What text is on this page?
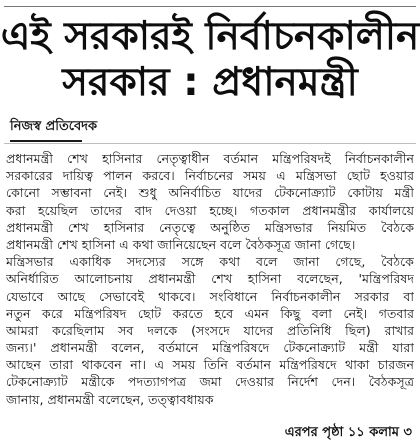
এই সরকারই নির্বাচনকালীন
সরকার : প্রধানমন্ত্রী
নিজস্ব প্রতিবেদক
প্রধানমন্ত্রী শেখ হাসিনার নেতৃত্বাধীন বর্তমান মন্ত্রিপরিষদই নির্বাচনকালীন
সরকারের দায়িত্ব পালন করবে। নির্বাচনের সময় এ মন্ত্রিসভা ছোট হওয়ার
কোনো সম্ভাবনা নেই। শুধু অনির্বাচিত যাদের টেকনোক্র্যাট কোটায় মন্ত্রী
করা হয়েছিল তাদের বাদ দেওয়া হচ্ছে। গতকাল প্রধানমন্ত্রীর কার্যালয়ে
প্রধানমন্ত্রী শেখ হাসিনার নেতৃত্বে অনুষ্ঠিত মন্ত্রিসভার নিয়মিত বৈঠকে
প্রধানমন্ত্রী শেখ হাসিনা এ কথা জানিয়েছেন বলে বৈঠকসূত্র জানা গেছে।
মন্ত্রিসভার একাধিক সদস্যের সঙ্গে কথা বলে জানা গেছে, বৈঠকে
অনির্ধারিত আলোচনায় প্রধানমন্ত্রী শেখ হাসিনা বলেছেন, 'মন্ত্রিপরিষদ
যেভাবে আছে সেভাবেই থাকবে। সংবিধানে নির্বাচনকালীন সরকার বা
নতুন করে মন্ত্রিপরিষদ ছোট করতে হবে এমন কিছু বলা নেই। গতবার
আমরা করেছিলাম সব দলকে (সংসদে যাদের প্রতিনিধি ছিল) রাখার
জন্য।' প্রধানমন্ত্রী বলেন, বর্তমানে মন্ত্রিপরিষদে টেকনোক্র্যাট মন্ত্রী যারা
আছেন তারা থাকবেন না। এ সময় তিনি বর্তমান মন্ত্রিপরিষদে থাকা চারজন
টেকনোক্র্যাট মন্ত্রীকে পদত্যাগপত্র জমা দেওয়ার নির্দেশ দেন। বৈঠকসূত্র
জানায়, প্রধানমন্ত্রী বলেছেন, তত্ত্বাবধায়ক
এরপর পৃষ্ঠা ১১ কলাম ৩
